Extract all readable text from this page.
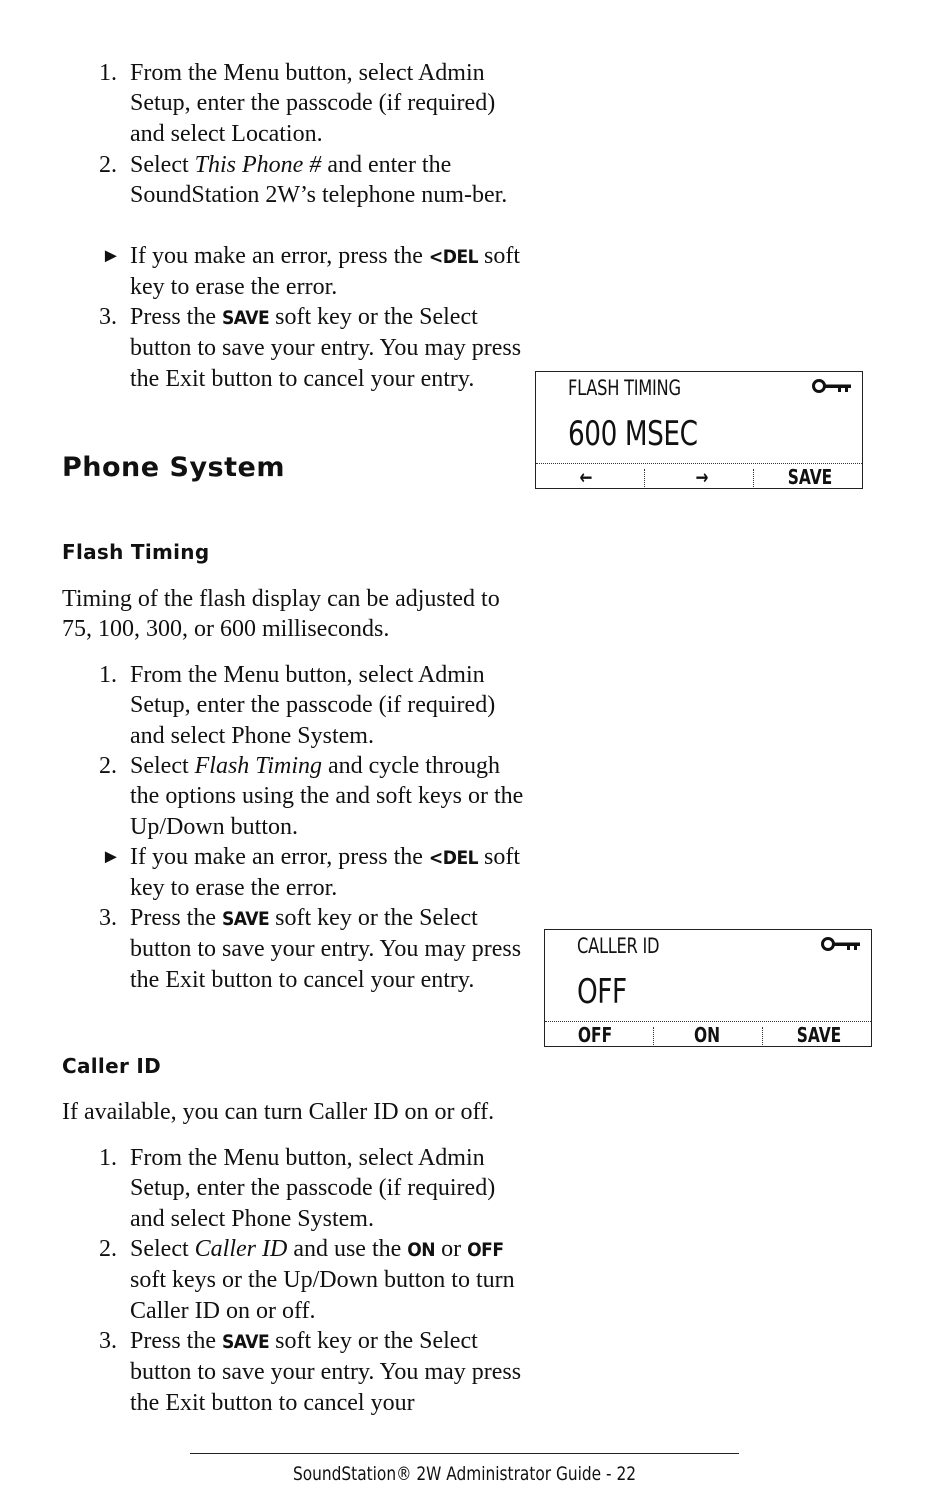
1. From the Menu button, select Admin Setup, enter the passcode (if required) and select Location.
2. Select This Phone # and enter the SoundStation 2W’s telephone num-ber.
► If you make an error, press the <DEL soft key to erase the error.
3. Press the SAVE soft key or the Select button to save your entry. You may press the Exit button to cancel your entry.
Phone System
Flash Timing
Timing of the flash display can be adjusted to 75, 100, 300, or 600 milliseconds.
1. From the Menu button, select Admin Setup, enter the passcode (if required) and select Phone System.
2. Select Flash Timing and cycle through the options using the and soft keys or the Up/Down button.
► If you make an error, press the <DEL soft key to erase the error.
3. Press the SAVE soft key or the Select button to save your entry. You may press the Exit button to cancel your entry.
FLASH TIMING
600 MSEC
←	→	SAVE
Caller ID
If available, you can turn Caller ID on or off.
1. From the Menu button, select Admin Setup, enter the passcode (if required) and select Phone System.
2. Select Caller ID and use the ON or OFF soft keys or the Up/Down button to turn Caller ID on or off.
3. Press the SAVE soft key or the Select button to save your entry. You may press the Exit button to cancel your
CALLER ID
OFF
OFF	ON	SAVE
SoundStation® 2W Administrator Guide - 22
